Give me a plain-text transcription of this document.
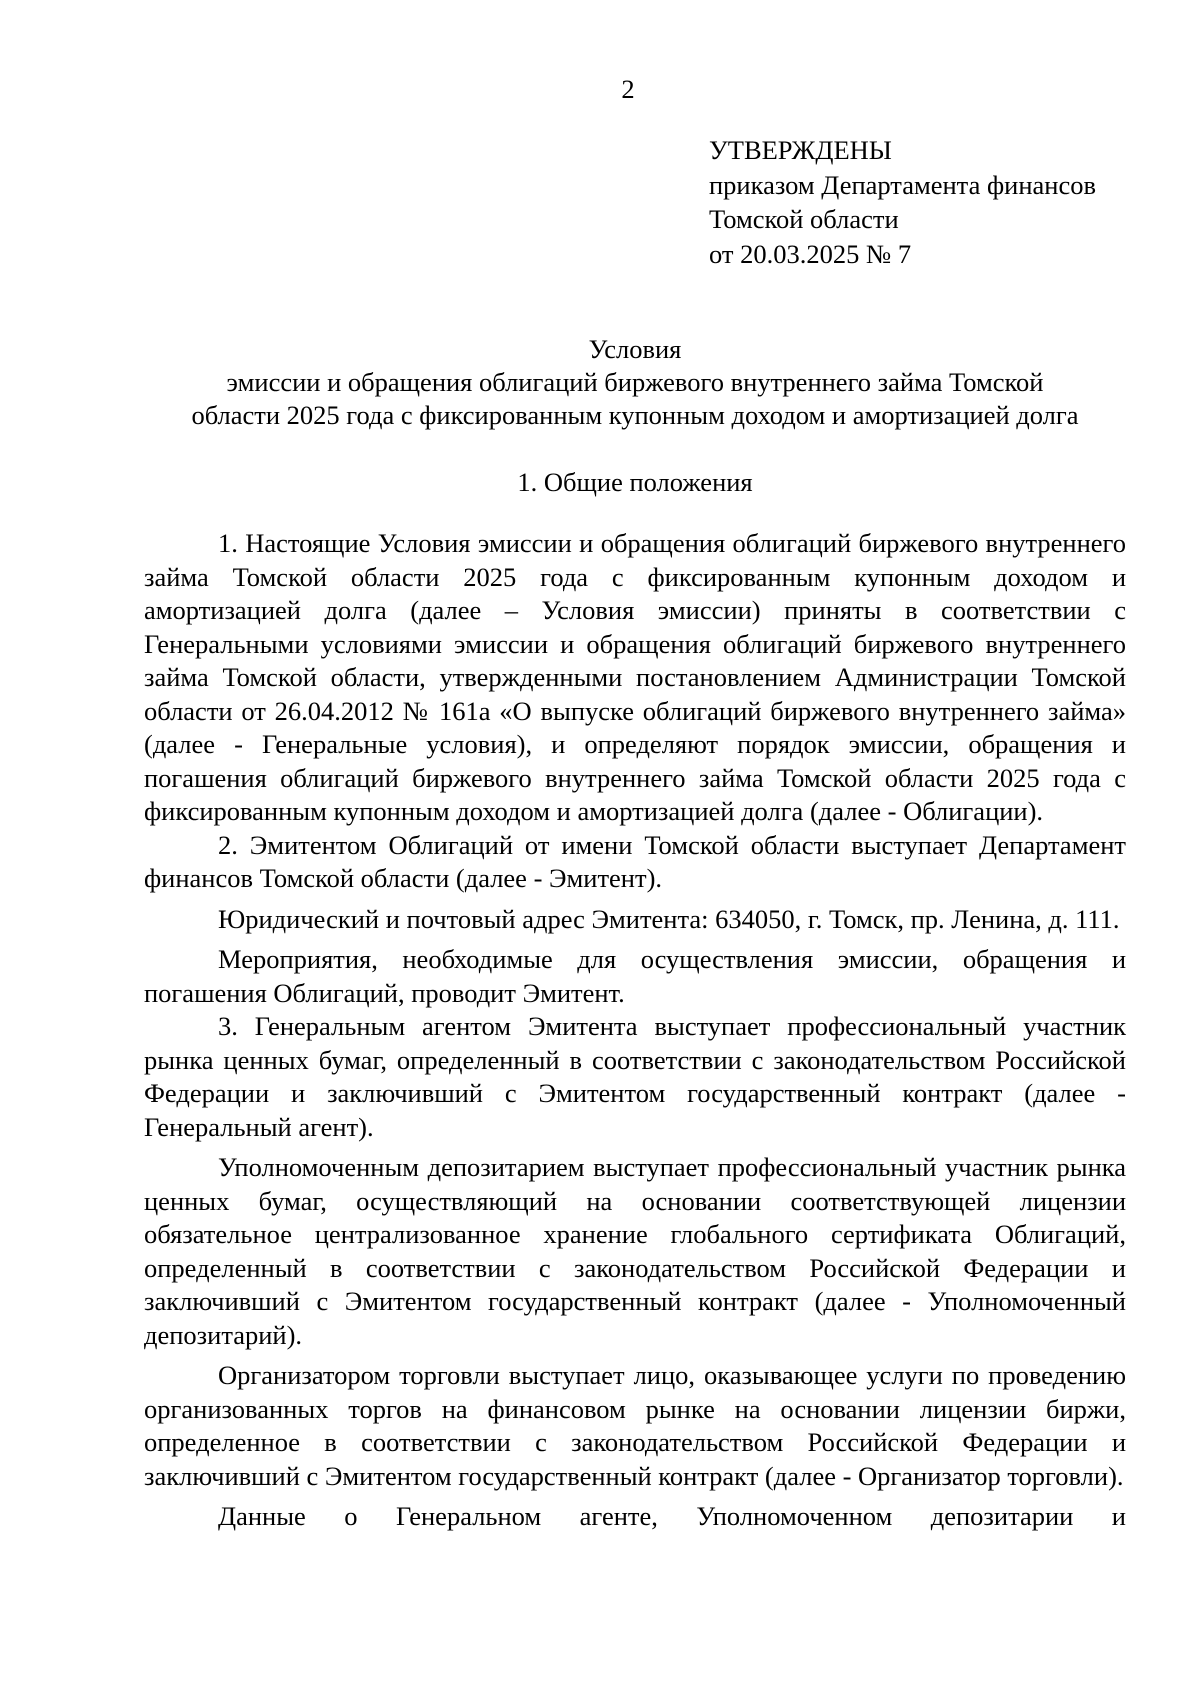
2
УТВЕРЖДЕНЫ
приказом Департамента финансов
Томской области
от 20.03.2025 № 7
Условия
эмиссии и обращения облигаций биржевого внутреннего займа Томской
области 2025 года с фиксированным купонным доходом и амортизацией долга
1. Общие положения

1. Настоящие Условия эмиссии и обращения облигаций биржевого внутреннего займа Томской области 2025 года с фиксированным купонным доходом и амортизацией долга (далее – Условия эмиссии) приняты в соответствии с Генеральными условиями эмиссии и обращения облигаций биржевого внутреннего займа Томской области, утвержденными постановлением Администрации Томской области от 26.04.2012 № 161а «О выпуске облигаций биржевого внутреннего займа» (далее - Генеральные условия), и определяют порядок эмиссии, обращения и погашения облигаций биржевого внутреннего займа Томской области 2025 года с фиксированным купонным доходом и амортизацией долга (далее - Облигации).

2. Эмитентом Облигаций от имени Томской области выступает Департамент финансов Томской области (далее - Эмитент).

Юридический и почтовый адрес Эмитента: 634050, г. Томск, пр. Ленина, д. 111.

Мероприятия, необходимые для осуществления эмиссии, обращения и погашения Облигаций, проводит Эмитент.

3. Генеральным агентом Эмитента выступает профессиональный участник рынка ценных бумаг, определенный в соответствии с законодательством Российской Федерации и заключивший с Эмитентом государственный контракт (далее - Генеральный агент).

Уполномоченным депозитарием выступает профессиональный участник рынка ценных бумаг, осуществляющий на основании соответствующей лицензии обязательное централизованное хранение глобального сертификата Облигаций, определенный в соответствии с законодательством Российской Федерации и заключивший с Эмитентом государственный контракт (далее - Уполномоченный депозитарий).

Организатором торговли выступает лицо, оказывающее услуги по проведению организованных торгов на финансовом рынке на основании лицензии биржи, определенное в соответствии с законодательством Российской Федерации и заключивший с Эмитентом государственный контракт (далее - Организатор торговли).

Данные о Генеральном агенте, Уполномоченном депозитарии и
